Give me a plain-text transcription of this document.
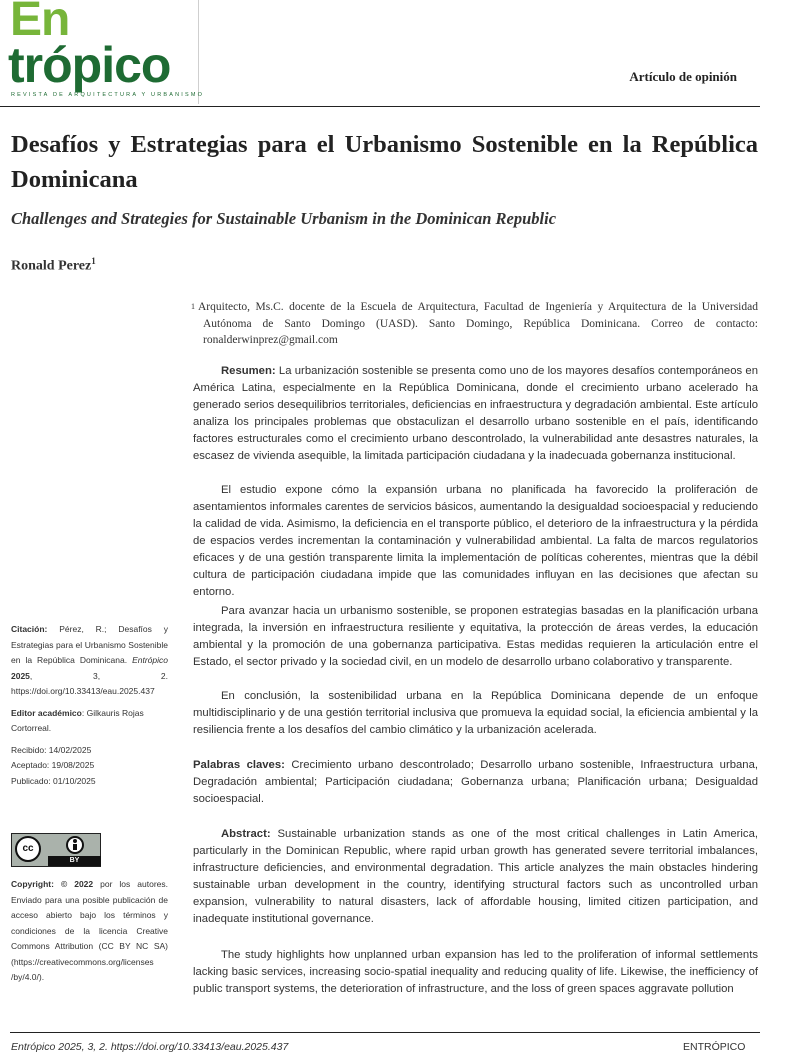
En
trópico
REVISTA DE ARQUITECTURA Y URBANISMO
Artículo de opinión
Desafíos y Estrategias para el Urbanismo Sostenible en la República Dominicana
Challenges and Strategies for Sustainable Urbanism in the Dominican Republic
Ronald Perez$^1$
1 Arquitecto, Ms.C. docente de la Escuela de Arquitectura, Facultad de Ingeniería y Arquitectura de la Universidad Autónoma de Santo Domingo (UASD). Santo Domingo, República Dominicana. Correo de contacto: ronalderwinprez@gmail.com
Resumen: La urbanización sostenible se presenta como uno de los mayores desafíos contemporáneos en América Latina, especialmente en la República Dominicana, donde el crecimiento urbano acelerado ha generado serios desequilibrios territoriales, deficiencias en infraestructura y degradación ambiental. Este artículo analiza los principales problemas que obstaculizan el desarrollo urbano sostenible en el país, identificando factores estructurales como el crecimiento urbano descontrolado, la vulnerabilidad ante desastres naturales, la escasez de vivienda asequible, la limitada participación ciudadana y la inadecuada gobernanza institucional.
El estudio expone cómo la expansión urbana no planificada ha favorecido la proliferación de asentamientos informales carentes de servicios básicos, aumentando la desigualdad socioespacial y reduciendo la calidad de vida. Asimismo, la deficiencia en el transporte público, el deterioro de la infraestructura y la pérdida de espacios verdes incrementan la contaminación y vulnerabilidad ambiental. La falta de marcos regulatorios eficaces y de una gestión transparente limita la implementación de políticas coherentes, mientras que la débil cultura de participación ciudadana impide que las comunidades influyan en las decisiones que afectan su entorno.
Para avanzar hacia un urbanismo sostenible, se proponen estrategias basadas en la planificación urbana integrada, la inversión en infraestructura resiliente y equitativa, la protección de áreas verdes, la educación ambiental y la promoción de una gobernanza participativa. Estas medidas requieren la articulación entre el Estado, el sector privado y la sociedad civil, en un modelo de desarrollo urbano colaborativo y transparente.
En conclusión, la sostenibilidad urbana en la República Dominicana depende de un enfoque multidisciplinario y de una gestión territorial inclusiva que promueva la equidad social, la eficiencia ambiental y la resiliencia frente a los desafíos del cambio climático y la urbanización acelerada.
Palabras claves: Crecimiento urbano descontrolado; Desarrollo urbano sostenible, Infraestructura urbana, Degradación ambiental; Participación ciudadana; Gobernanza urbana; Planificación urbana; Desigualdad socioespacial.
Abstract: Sustainable urbanization stands as one of the most critical challenges in Latin America, particularly in the Dominican Republic, where rapid urban growth has generated severe territorial imbalances, infrastructure deficiencies, and environmental degradation. This article analyzes the main obstacles hindering sustainable urban development in the country, identifying structural factors such as uncontrolled urban expansion, vulnerability to natural disasters, lack of affordable housing, limited citizen participation, and inadequate institutional governance.
The study highlights how unplanned urban expansion has led to the proliferation of informal settlements lacking basic services, increasing socio-spatial inequality and reducing quality of life. Likewise, the inefficiency of public transport systems, the deterioration of infrastructure, and the loss of green spaces aggravate pollution
Citación: Pérez, R.; Desafíos y Estrategias para el Urbanismo Sostenible en la República Dominicana. Entrópico 2025, 3, 2. https://doi.org/10.33413/eau.2025.437
Editor académico: Gilkauris Rojas Cortorreal.
Recibido: 14/02/2025
Aceptado: 19/08/2025
Publicado: 01/10/2025
cc
BY
Copyright: © 2022 por los autores. Enviado para una posible publicación de acceso abierto bajo los términos y condiciones de la licencia Creative Commons Attribution (CC BY NC SA) (https://creativecommons.org/licenses /by/4.0/).
Entrópico 2025, 3, 2. https://doi.org/10.33413/eau.2025.437	ENTRÓPICO
